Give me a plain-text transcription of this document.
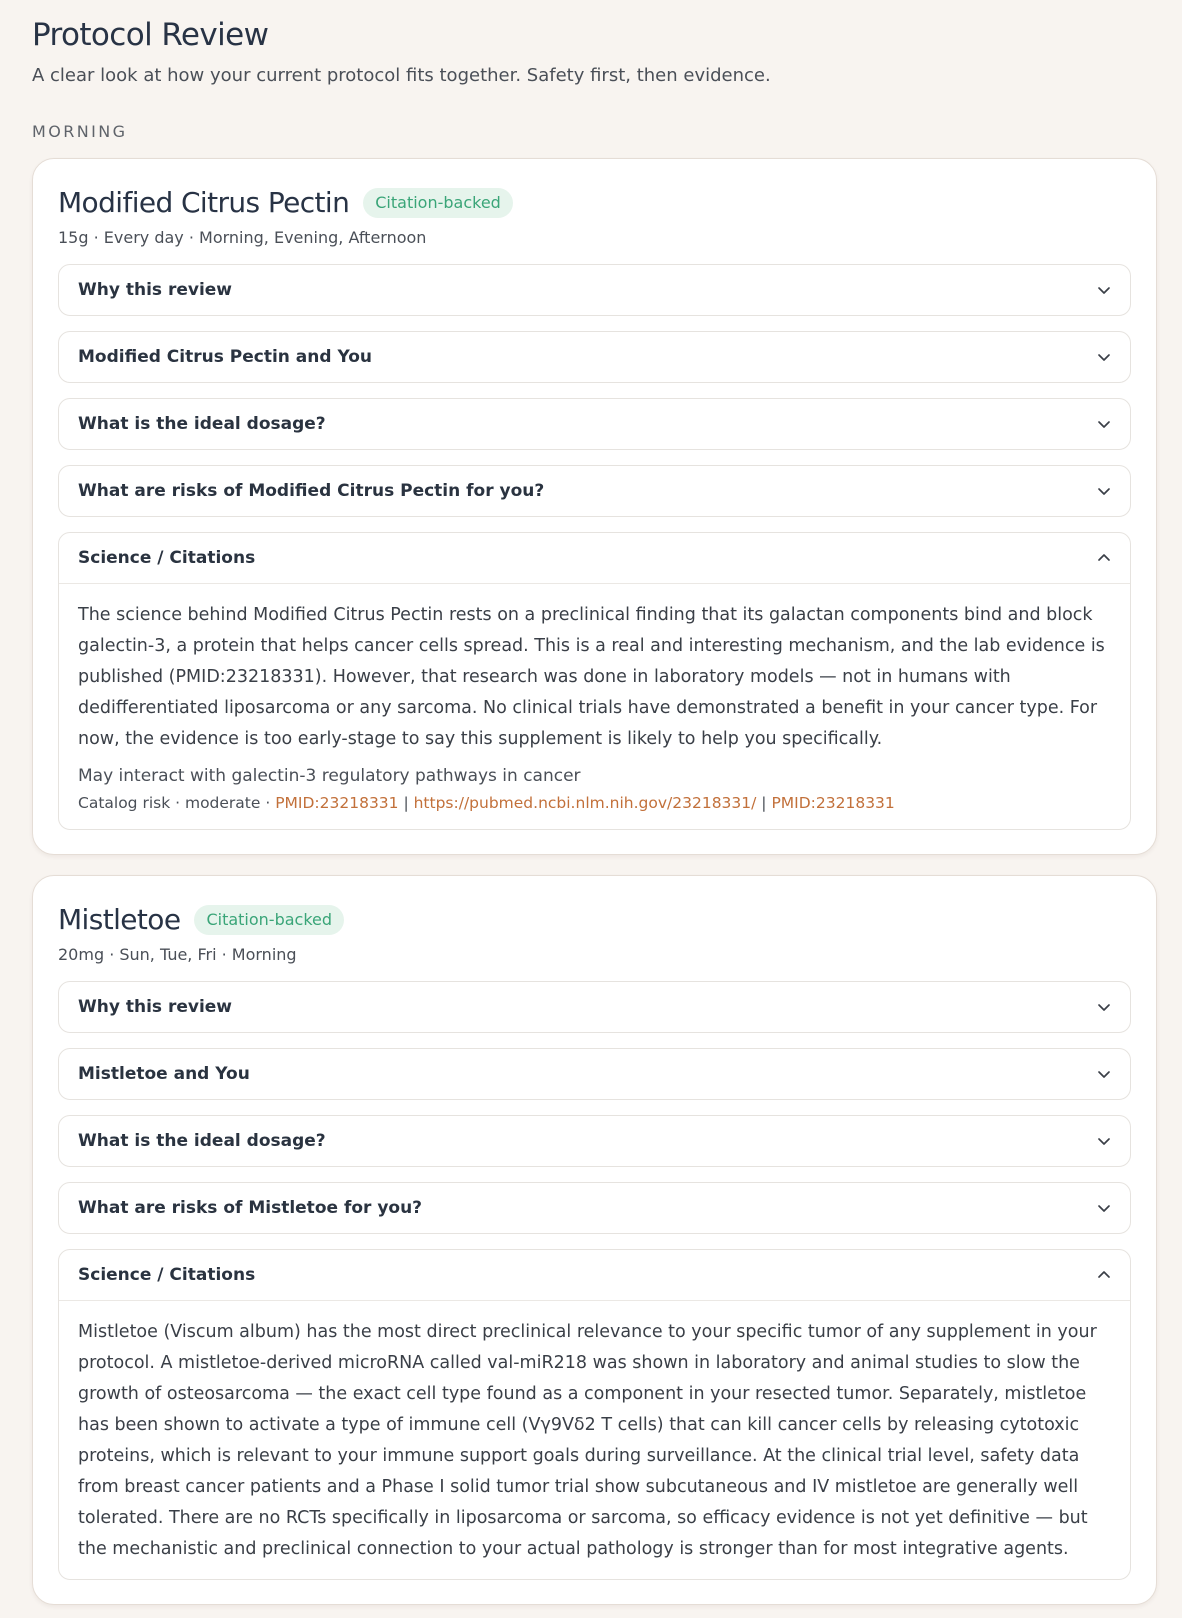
Protocol Review
A clear look at how your current protocol fits together. Safety first, then evidence.
MORNING
Modified Citrus Pectin	Citation-backed
15g · Every day · Morning, Evening, Afternoon
Why this review
Modified Citrus Pectin and You
What is the ideal dosage?
What are risks of Modified Citrus Pectin for you?
Science / Citations
The science behind Modified Citrus Pectin rests on a preclinical finding that its galactan components bind and block galectin-3, a protein that helps cancer cells spread. This is a real and interesting mechanism, and the lab evidence is published (PMID:23218331). However, that research was done in laboratory models — not in humans with dedifferentiated liposarcoma or any sarcoma. No clinical trials have demonstrated a benefit in your cancer type. For now, the evidence is too early-stage to say this supplement is likely to help you specifically.
May interact with galectin-3 regulatory pathways in cancer
Catalog risk · moderate · PMID:23218331 | https://pubmed.ncbi.nlm.nih.gov/23218331/ | PMID:23218331
Mistletoe	Citation-backed
20mg · Sun, Tue, Fri · Morning
Why this review
Mistletoe and You
What is the ideal dosage?
What are risks of Mistletoe for you?
Science / Citations
Mistletoe (Viscum album) has the most direct preclinical relevance to your specific tumor of any supplement in your protocol. A mistletoe-derived microRNA called val-miR218 was shown in laboratory and animal studies to slow the growth of osteosarcoma — the exact cell type found as a component in your resected tumor. Separately, mistletoe has been shown to activate a type of immune cell (Vγ9Vδ2 T cells) that can kill cancer cells by releasing cytotoxic proteins, which is relevant to your immune support goals during surveillance. At the clinical trial level, safety data from breast cancer patients and a Phase I solid tumor trial show subcutaneous and IV mistletoe are generally well tolerated. There are no RCTs specifically in liposarcoma or sarcoma, so efficacy evidence is not yet definitive — but the mechanistic and preclinical connection to your actual pathology is stronger than for most integrative agents.
